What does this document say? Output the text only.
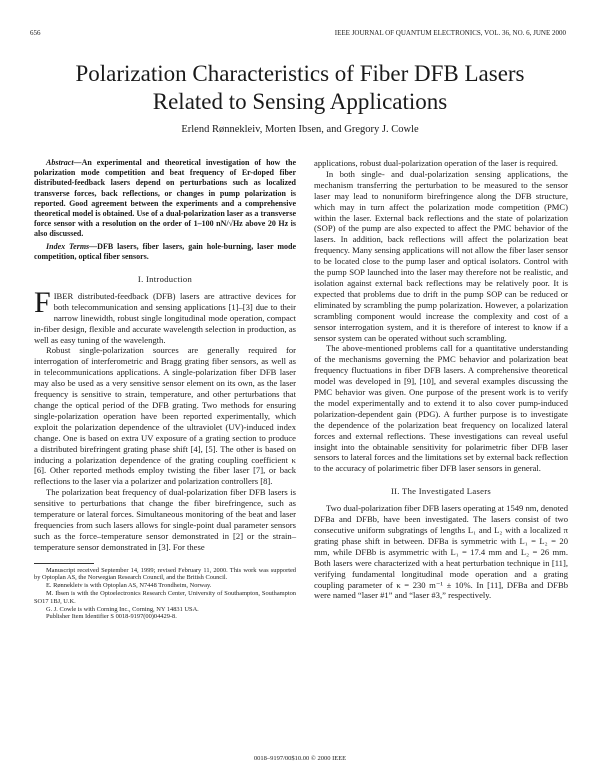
656	IEEE JOURNAL OF QUANTUM ELECTRONICS, VOL. 36, NO. 6, JUNE 2000
Polarization Characteristics of Fiber DFB Lasers
Related to Sensing Applications
Erlend Rønnekleiv, Morten Ibsen, and Gregory J. Cowle

Abstract—An experimental and theoretical investigation of how the polarization mode competition and beat frequency of Er-doped fiber distributed-feedback lasers depend on perturbations such as localized transverse forces, back reflections, or changes in pump polarization is reported. Good agreement between the experiments and a comprehensive theoretical model is obtained. Use of a dual-polarization laser as a transverse force sensor with a resolution on the order of 1–100 nN/√Hz above 20 Hz is also discussed.

Index Terms—DFB lasers, fiber lasers, gain hole-burning, laser mode competition, optical fiber sensors.

I. Introduction

FIBER distributed-feedback (DFB) lasers are attractive devices for both telecommunication and sensing applications [1]–[3] due to their narrow linewidth, robust single longitudinal mode operation, compact in-fiber design, flexible and accurate wavelength selection in production, as well as easy tuning of the wavelength.

Robust single-polarization sources are generally required for interrogation of interferometric and Bragg grating fiber sensors, as well as in telecommunications applications. A single-polarization fiber DFB laser may also be used as a very sensitive sensor element on its own, as the laser frequency is sensitive to strain, temperature, and other perturbations that change the optical period of the DFB grating. Two methods for ensuring single-polarization operation have been reported experimentally, which exploit the polarization dependence of the ultraviolet (UV)-induced index change. One is based on extra UV exposure of a grating section to produce a distributed birefringent grating phase shift [4], [5]. The other is based on inducing a polarization dependence of the grating coupling coefficient κ [6]. Other reported methods employ twisting the fiber laser [7], or back reflections to the laser via a polarizer and polarization controllers [8].

The polarization beat frequency of dual-polarization fiber DFB lasers is sensitive to perturbations that change the fiber birefringence, such as temperature or lateral forces. Simultaneous monitoring of the beat and laser frequencies from such lasers allows for single-point dual parameter sensors such as the force–temperature sensor demonstrated in [2] or the strain–temperature sensor demonstrated in [3]. For these

Manuscript received September 14, 1999; revised February 11, 2000. This work was supported by Optoplan AS, the Norwegian Research Council, and the British Council.

E. Rønnekleiv is with Optoplan AS, N7448 Trondheim, Norway.

M. Ibsen is with the Optoelectronics Research Center, University of Southampton, Southampton SO17 1BJ, U.K.

G. J. Cowle is with Corning Inc., Corning, NY 14831 USA.

Publisher Item Identifier S 0018-9197(00)04429-8.

applications, robust dual-polarization operation of the laser is required.

In both single- and dual-polarization sensing applications, the mechanism transferring the perturbation to be measured to the sensor laser may lead to nonuniform birefringence along the DFB structure, which may in turn affect the polarization mode competition (PMC) within the laser. External back reflections and the state of polarization (SOP) of the pump are also expected to affect the PMC behavior of the lasers. In addition, back reflections will affect the polarization beat frequency. Many sensing applications will not allow the fiber laser sensor to be located close to the pump laser and optical isolators. Control with the pump SOP launched into the laser may therefore not be realistic, and isolation against external back reflections may be relatively poor. It is expected that problems due to drift in the pump SOP can be reduced or eliminated by scrambling the pump polarization. However, a polarization scrambling component would increase the complexity and cost of a sensor interrogation system, and it is therefore of interest to know if a sensor system can be operated without such scrambling.

The above-mentioned problems call for a quantitative understanding of the mechanisms governing the PMC behavior and polarization beat frequency fluctuations in fiber DFB lasers. A comprehensive theoretical model was developed in [9], [10], and several examples discussing the PMC behavior was given. One purpose of the present work is to verify the model experimentally and to extend it to also cover pump-induced polarization-dependent gain (PDG). A further purpose is to investigate the dependence of the polarization beat frequency on localized lateral forces and external reflections. These investigations can reveal useful insight into the obtainable sensitivity for polarimetric fiber DFB laser sensors to lateral forces and the limitations set by external back reflection to the accuracy of polarimetric fiber DFB laser sensors in general.

II. The Investigated Lasers

Two dual-polarization fiber DFB lasers operating at 1549 nm, denoted DFBa and DFBb, have been investigated. The lasers consist of two consecutive uniform subgratings of lengths L₁ and L₂ with a localized π grating phase shift in between. DFBa is symmetric with L₁ = L₂ = 20 mm, while DFBb is asymmetric with L₁ = 17.4 mm and L₂ = 26 mm. Both lasers were characterized with a heat perturbation technique in [11], verifying fundamental longitudinal mode operation and a grating coupling parameter of κ = 230 m⁻¹ ± 10%. In [11], DFBa and DFBb were named “laser #1” and “laser #3,” respectively.

0018–9197/00$10.00 © 2000 IEEE
